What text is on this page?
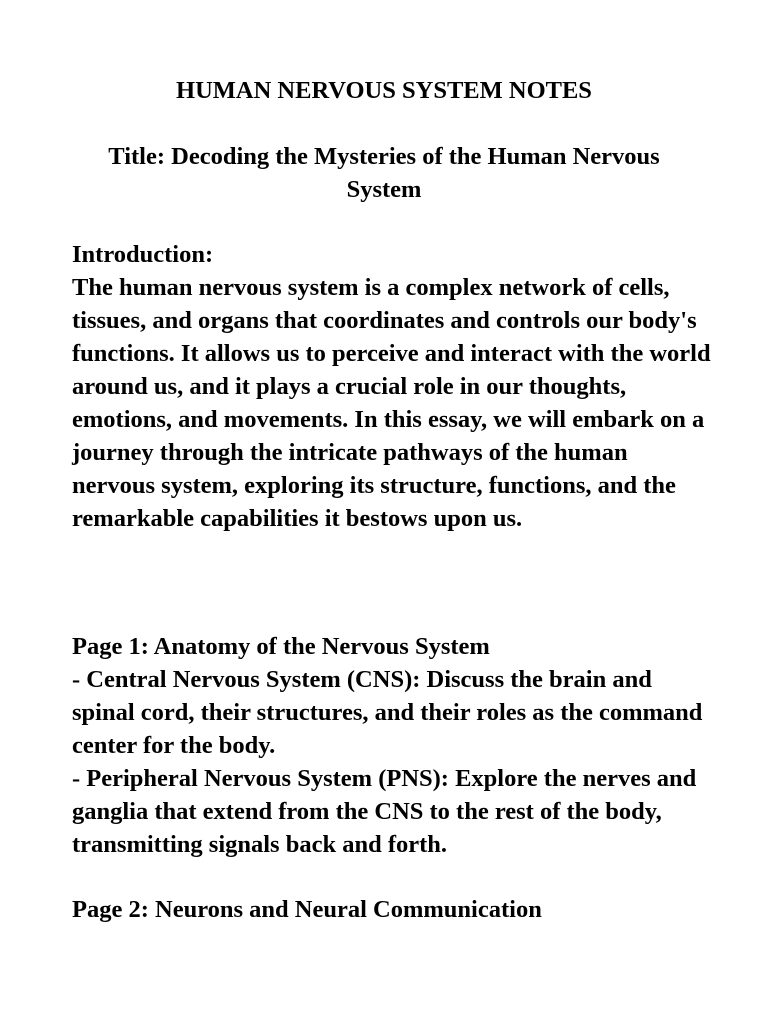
HUMAN NERVOUS SYSTEM NOTES
Title: Decoding the Mysteries of the Human Nervous System

Introduction:

The human nervous system is a complex network of cells, tissues, and organs that coordinates and controls our body's functions. It allows us to perceive and interact with the world around us, and it plays a crucial role in our thoughts, emotions, and movements. In this essay, we will embark on a journey through the intricate pathways of the human nervous system, exploring its structure, functions, and the remarkable capabilities it bestows upon us.

Page 1: Anatomy of the Nervous System

- Central Nervous System (CNS): Discuss the brain and spinal cord, their structures, and their roles as the command center for the body.

- Peripheral Nervous System (PNS): Explore the nerves and ganglia that extend from the CNS to the rest of the body, transmitting signals back and forth.

Page 2: Neurons and Neural Communication
